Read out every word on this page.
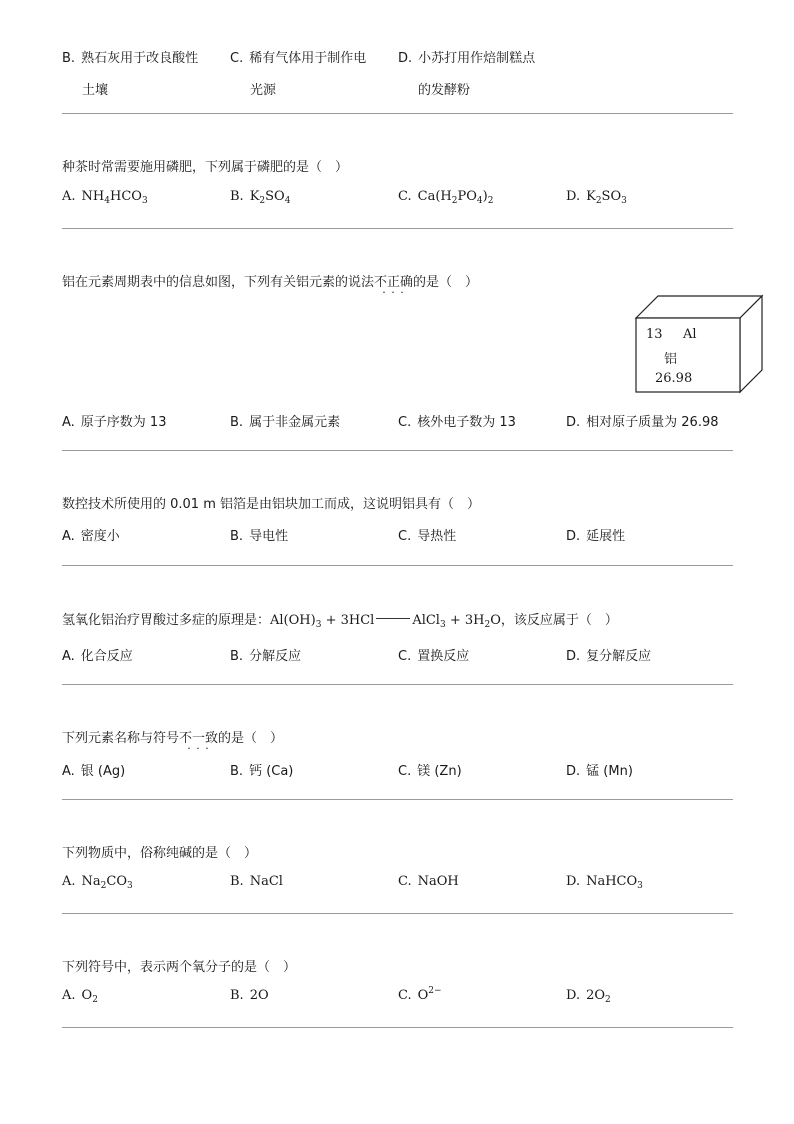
B. 熟石灰用于改良酸性
土壤
C. 稀有气体用于制作电
光源
D. 小苏打用作焙制糕点
的发酵粉
种茶时常需要施用磷肥，下列属于磷肥的是（　）
A. $NH_4HCO_3$	B. $K_2SO_4$	C. $Ca(H_2PO_4)_2$	D. $K_2SO_3$
铝在元素周期表中的信息如图，下列有关铝元素的说法不正确 · · ·的是（　）
13 Al
铝
26.98
A. 原子序数为 13	B. 属于非金属元素	C. 核外电子数为 13	D. 相对原子质量为 26.98
数控技术所使用的 0.01 m 铝箔是由铝块加工而成，这说明铝具有（　）
A. 密度小	B. 导电性	C. 导热性	D. 延展性
氢氧化铝治疗胃酸过多症的原理是：$Al(OH)_3 + 3HCl$	AlCl$_3$ + $3H_2O$，该反应属于（　）
A. 化合反应	B. 分解反应	C. 置换反应	D. 复分解反应
下列元素名称与符号不一致 · · ·的是（　）
A. 银 (Ag)	B. 钙 (Ca)	C. 镁 (Zn)	D. 锰 (Mn)
下列物质中，俗称纯碱的是（　）
A. $Na_2CO_3$	B. NaCl	C. NaOH	D. NaHCO$_3$
下列符号中，表示两个氧分子的是（　）
A. $O_2$	B. 2O	C. $O^{2-}$	D. $2O_2$
